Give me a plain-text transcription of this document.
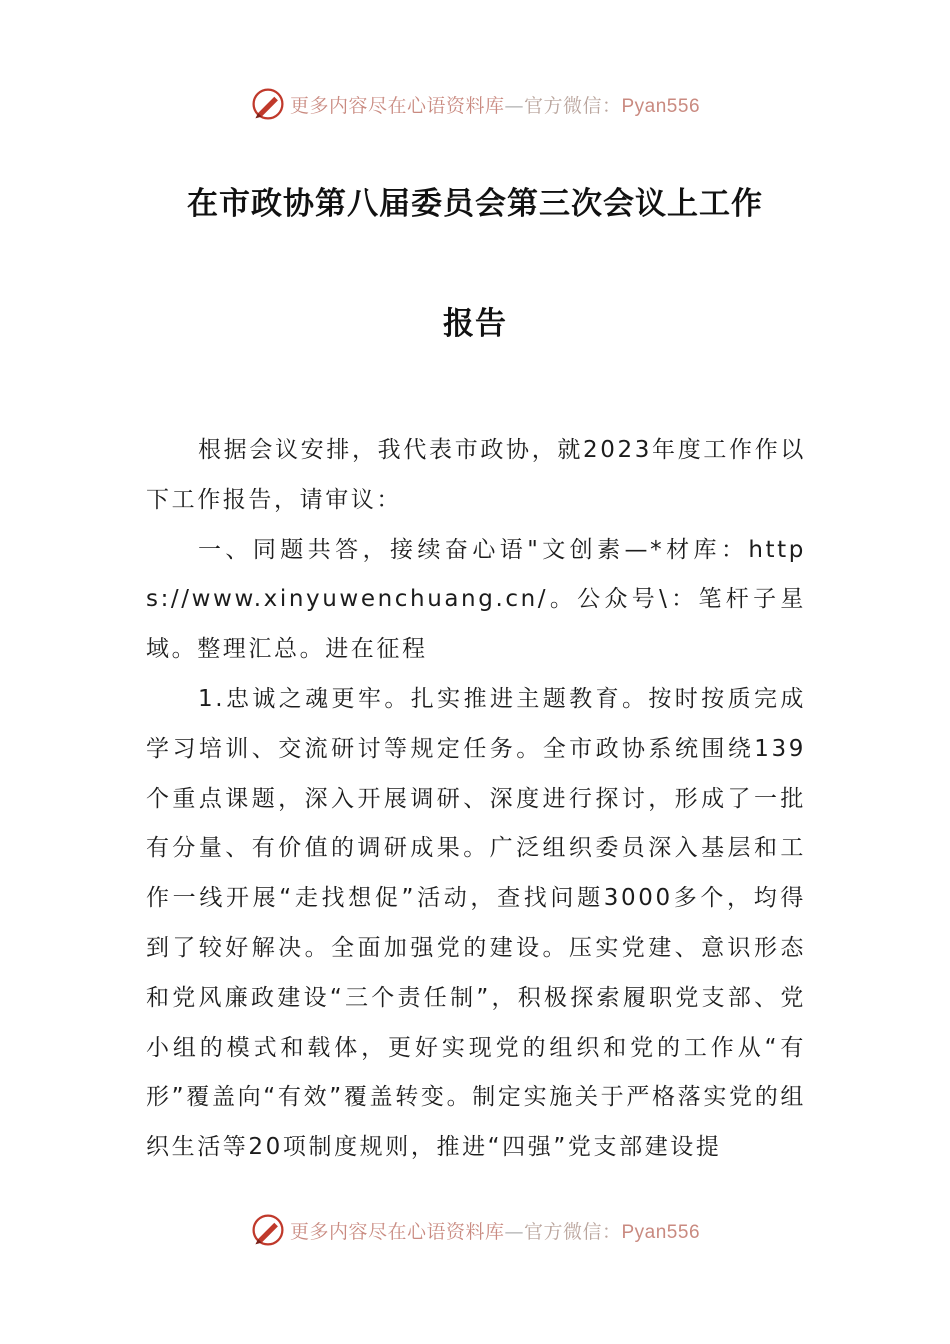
更多内容尽在心语资料库—官方微信：Pyan556
在市政协第八届委员会第三次会议上工作
报告

根据会议安排，我代表市政协，就2023年度工作作以下工作报告，请审议：

一、同题共答，接续奋心语"文创素—*材库：https://www.xinyuwenchuang.cn/。公众号\：笔杆子星域。整理汇总。进在征程

1.忠诚之魂更牢。扎实推进主题教育。按时按质完成学习培训、交流研讨等规定任务。全市政协系统围绕139个重点课题，深入开展调研、深度进行探讨，形成了一批有分量、有价值的调研成果。广泛组织委员深入基层和工作一线开展“走找想促”活动，查找问题3000多个，均得到了较好解决。全面加强党的建设。压实党建、意识形态和党风廉政建设“三个责任制”，积极探索履职党支部、党小组的模式和载体，更好实现党的组织和党的工作从“有形”覆盖向“有效”覆盖转变。制定实施关于严格落实党的组织生活等20项制度规则，推进“四强”党支部建设提

更多内容尽在心语资料库—官方微信：Pyan556
